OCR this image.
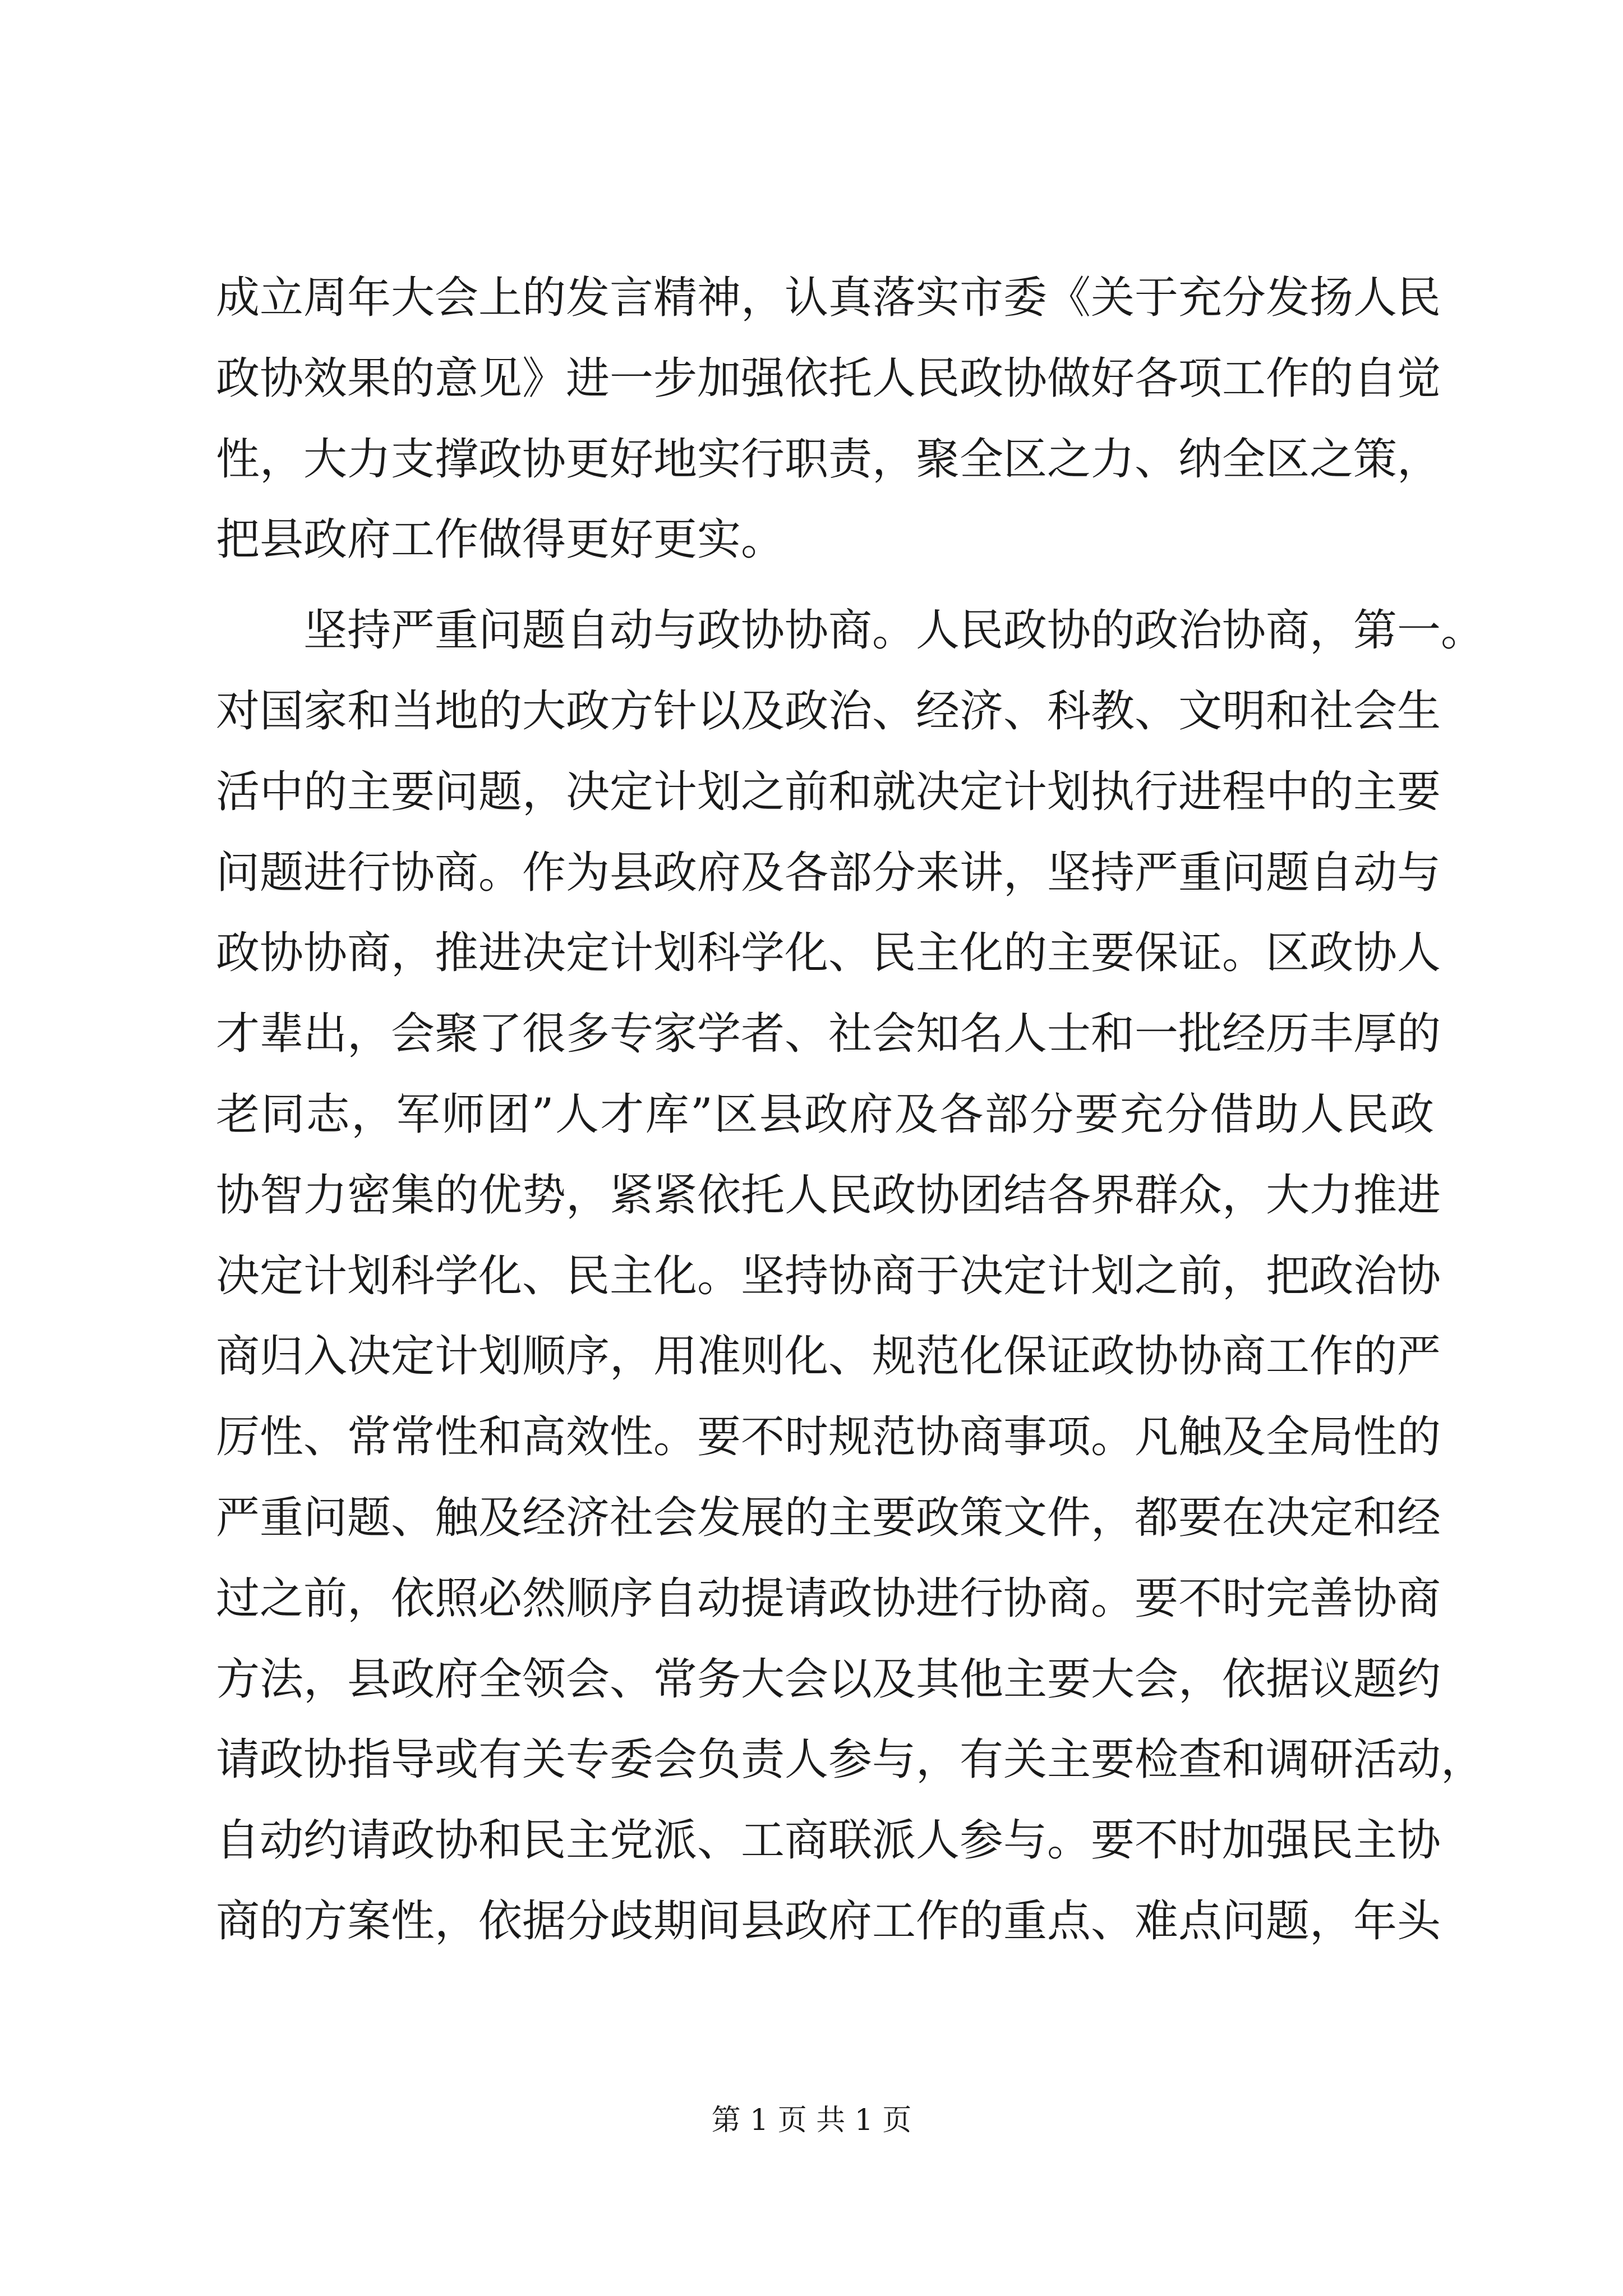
成立周年大会上的发言精神，认真落实市委《关于充分发扬人民
政协效果的意见》进一步加强依托人民政协做好各项工作的自觉
性，大力支撑政协更好地实行职责，聚全区之力、纳全区之策，
把县政府工作做得更好更实。
坚持严重问题自动与政协协商。人民政协的政治协商，第一。
对国家和当地的大政方针以及政治、经济、科教、文明和社会生
活中的主要问题，决定计划之前和就决定计划执行进程中的主要
问题进行协商。作为县政府及各部分来讲，坚持严重问题自动与
政协协商，推进决定计划科学化、民主化的主要保证。区政协人
才辈出，会聚了很多专家学者、社会知名人士和一批经历丰厚的
老同志，军师团”人才库”区县政府及各部分要充分借助人民政
协智力密集的优势，紧紧依托人民政协团结各界群众，大力推进
决定计划科学化、民主化。坚持协商于决定计划之前，把政治协
商归入决定计划顺序，用准则化、规范化保证政协协商工作的严
厉性、常常性和高效性。要不时规范协商事项。凡触及全局性的
严重问题、触及经济社会发展的主要政策文件，都要在决定和经
过之前，依照必然顺序自动提请政协进行协商。要不时完善协商
方法，县政府全领会、常务大会以及其他主要大会，依据议题约
请政协指导或有关专委会负责人参与，有关主要检查和调研活动，
自动约请政协和民主党派、工商联派人参与。要不时加强民主协
商的方案性，依据分歧期间县政府工作的重点、难点问题，年头
第 1 页 共 1 页
